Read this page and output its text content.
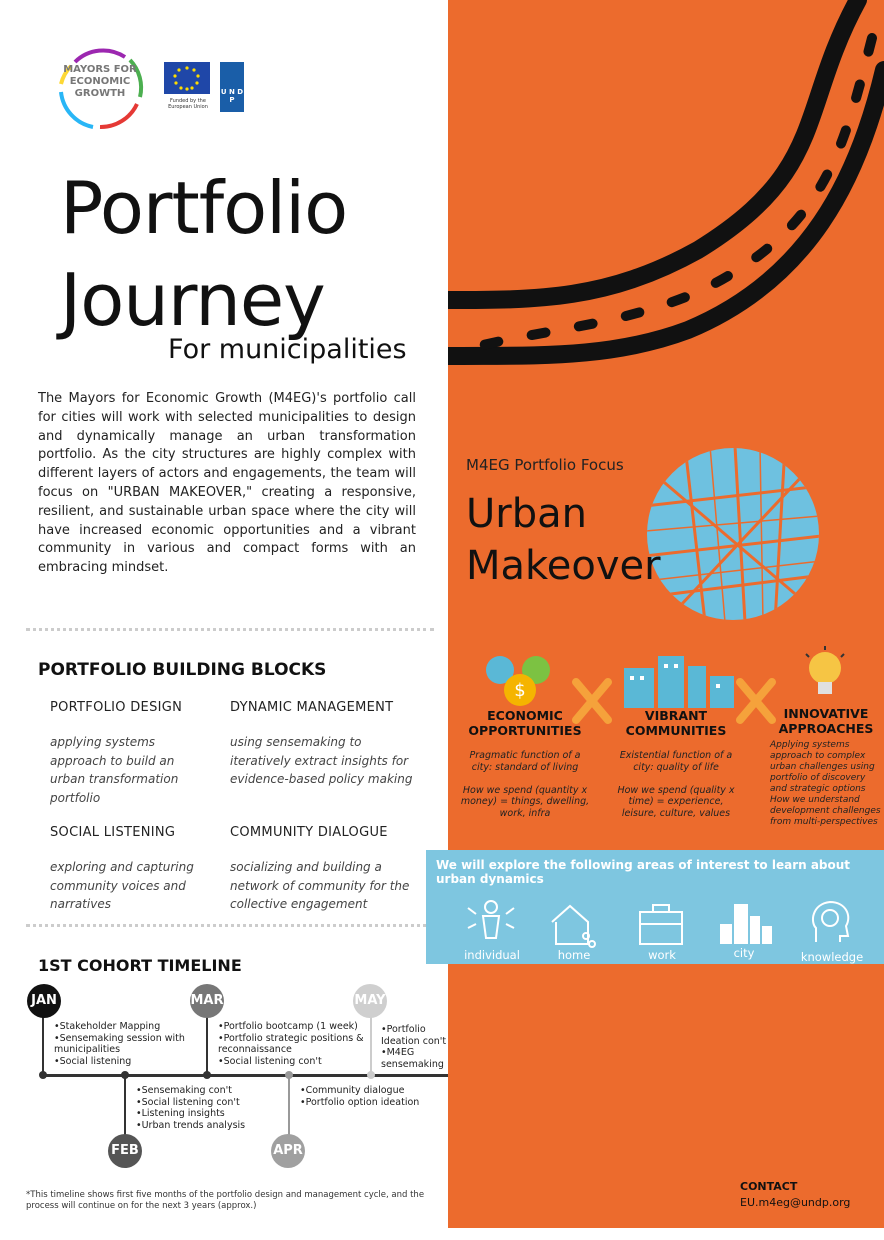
MAYORS FOR ECONOMIC GROWTH
Funded by the European Union
U N D P
Portfolio
Journey
For municipalities
The Mayors for Economic Growth (M4EG)'s portfolio call for cities will work with selected municipalities to design and dynamically manage an urban transformation portfolio. As the city structures are highly complex with different layers of actors and engagements, the team will focus on "URBAN MAKEOVER," creating a responsive, resilient, and sustainable urban space where the city will have increased economic opportunities and a vibrant community in various and compact forms with an embracing mindset.
PORTFOLIO BUILDING BLOCKS
PORTFOLIO DESIGN
applying systems approach to build an urban transformation portfolio
DYNAMIC MANAGEMENT
using sensemaking to iteratively extract insights for evidence-based policy making
SOCIAL LISTENING
exploring and capturing community voices and narratives
COMMUNITY DIALOGUE
socializing and building a network of community for the collective engagement
1ST COHORT TIMELINE
JAN
FEB
MAR
APR
MAY
•Stakeholder Mapping
•Sensemaking session with municipalities
•Social listening
•Sensemaking con't
•Social listening con't
•Listening insights
•Urban trends analysis
•Portfolio bootcamp (1 week)
•Portfolio strategic positions & reconnaissance
•Social listening con't
•Community dialogue
•Portfolio option ideation
•Portfolio Ideation con't
•M4EG sensemaking
*This timeline shows first five months of the portfolio design and management cycle, and the process will continue on for the next 3 years (approx.)
M4EG Portfolio Focus
Urban
Makeover
$
ECONOMIC OPPORTUNITIES
Pragmatic function of a city: standard of living

How we spend (quantity x money) = things, dwelling, work, infra
VIBRANT COMMUNITIES
Existential function of a city: quality of life

How we spend (quality x time) = experience, leisure, culture, values
INNOVATIVE APPROACHES
Applying systems approach to complex urban challenges using portfolio of discovery and strategic options
How we understand development challenges from multi-perspectives
We will explore the following areas of interest to learn about urban dynamics
individual	home	work	city	knowledge
CONTACT
EU.m4eg@undp.org
